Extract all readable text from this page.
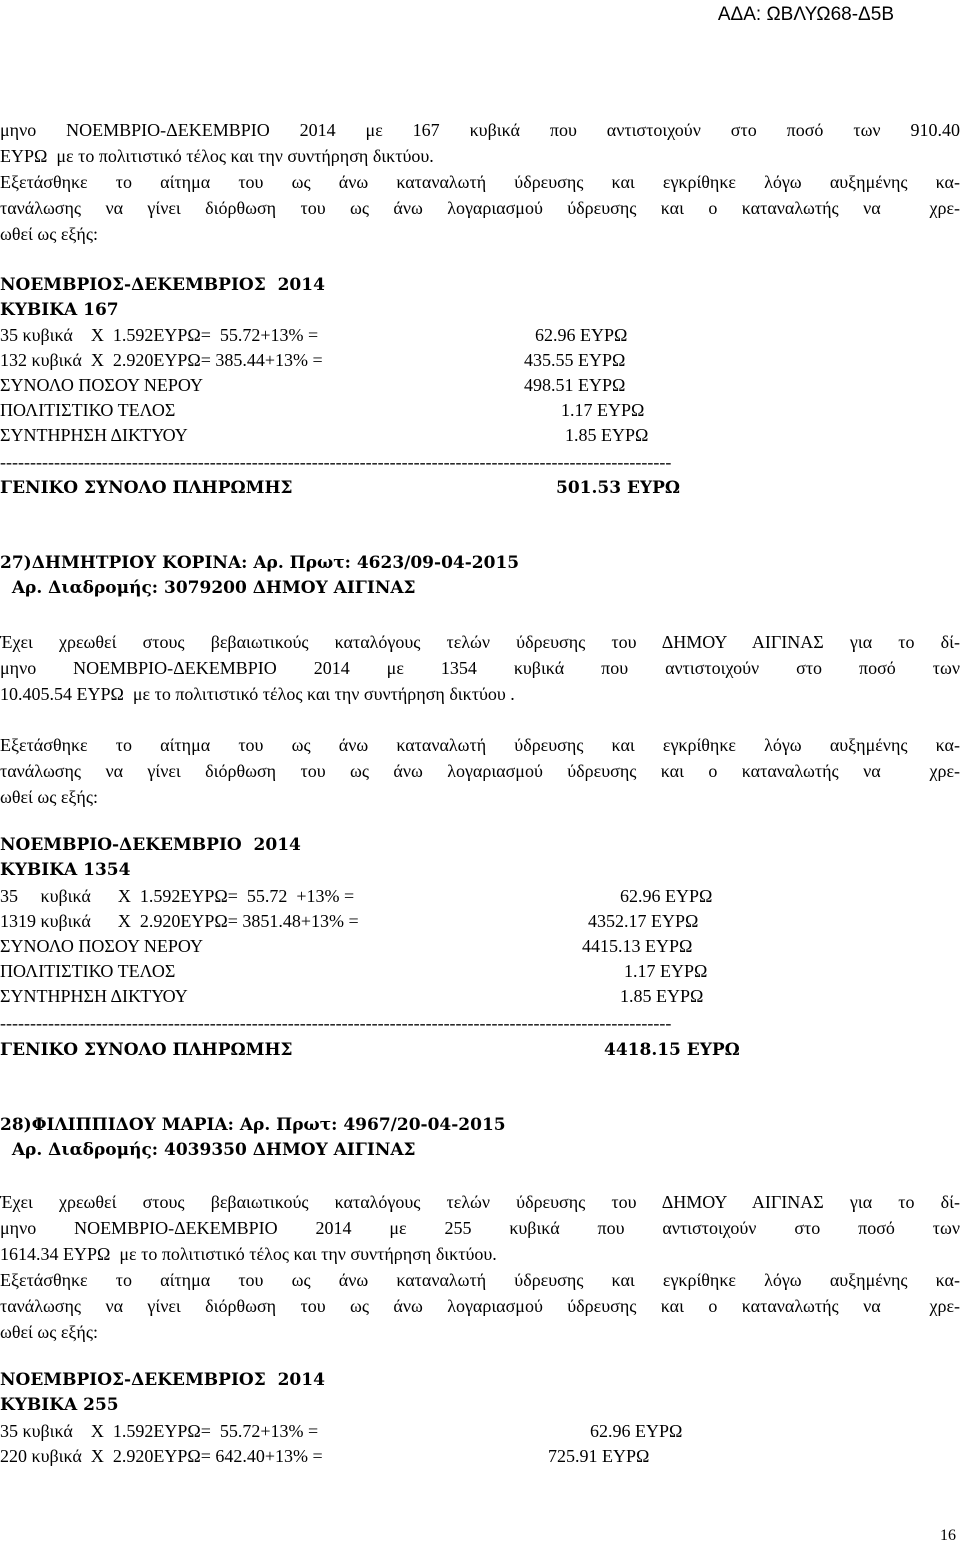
ΑΔΑ: ΩΒΛΥΩ68-Δ5Β
μηνο ΝΟΕΜΒΡΙΟ-ΔΕΚΕΜΒΡΙΟ 2014 με 167 κυβικά που αντιστοιχούν στο ποσό των 910.40
ΕΥΡΩ  με το πολιτιστικό τέλος και την συντήρηση δικτύου.
Εξετάσθηκε το αίτημα του ως άνω καταναλωτή ύδρευσης και εγκρίθηκε λόγω αυξημένης κα-
τανάλωσης να γίνει διόρθωση του ως άνω λογαριασμού ύδρευσης και ο καταναλωτής να  χρε-
ωθεί ως εξής:
ΝΟΕΜΒΡΙΟΣ-ΔΕΚΕΜΒΡΙΟΣ  2014
ΚΥΒΙΚΑ 167
35 κυβικά    Χ  1.592ΕΥΡΩ=  55.72+13% =	62.96 ΕΥΡΩ
132 κυβικά  Χ  2.920ΕΥΡΩ= 385.44+13% =	435.55 ΕΥΡΩ
ΣΥΝΟΛΟ ΠΟΣΟΥ ΝΕΡΟΥ	498.51 ΕΥΡΩ
ΠΟΛΙΤΙΣΤΙΚΟ ΤΕΛΟΣ	1.17 ΕΥΡΩ
ΣΥΝΤΗΡΗΣΗ ΔΙΚΤΥΟΥ	1.85 ΕΥΡΩ
----------------------------------------------------------------------------------------------------------------
ΓΕΝΙΚΟ ΣΥΝΟΛΟ ΠΛΗΡΩΜΗΣ	501.53 ΕΥΡΩ
27)ΔΗΜΗΤΡΙΟΥ ΚΟΡΙΝΑ: Αρ. Πρωτ: 4623/09-04-2015
Αρ. Διαδρομής: 3079200 ΔΗΜΟΥ ΑΙΓΙΝΑΣ
Έχει χρεωθεί στους βεβαιωτικούς καταλόγους τελών ύδρευσης του ΔΗΜΟΥ ΑΙΓΙΝΑΣ για το δί-
μηνο ΝΟΕΜΒΡΙΟ-ΔΕΚΕΜΒΡΙΟ 2014 με 1354 κυβικά που αντιστοιχούν στο ποσό των
10.405.54 ΕΥΡΩ  με το πολιτιστικό τέλος και την συντήρηση δικτύου .
Εξετάσθηκε το αίτημα του ως άνω καταναλωτή ύδρευσης και εγκρίθηκε λόγω αυξημένης κα-
τανάλωσης να γίνει διόρθωση του ως άνω λογαριασμού ύδρευσης και ο καταναλωτής να  χρε-
ωθεί ως εξής:
ΝΟΕΜΒΡΙΟ-ΔΕΚΕΜΒΡΙΟ  2014
ΚΥΒΙΚΑ 1354
35     κυβικά      Χ  1.592ΕΥΡΩ=  55.72  +13% =	62.96 ΕΥΡΩ
1319 κυβικά      Χ  2.920ΕΥΡΩ= 3851.48+13% =	4352.17 ΕΥΡΩ
ΣΥΝΟΛΟ ΠΟΣΟΥ ΝΕΡΟΥ	4415.13 ΕΥΡΩ
ΠΟΛΙΤΙΣΤΙΚΟ ΤΕΛΟΣ	1.17 ΕΥΡΩ
ΣΥΝΤΗΡΗΣΗ ΔΙΚΤΥΟΥ	1.85 ΕΥΡΩ
----------------------------------------------------------------------------------------------------------------
ΓΕΝΙΚΟ ΣΥΝΟΛΟ ΠΛΗΡΩΜΗΣ	4418.15 ΕΥΡΩ
28)ΦΙΛΙΠΠΙΔΟΥ ΜΑΡΙΑ: Αρ. Πρωτ: 4967/20-04-2015
Αρ. Διαδρομής: 4039350 ΔΗΜΟΥ ΑΙΓΙΝΑΣ
Έχει χρεωθεί στους βεβαιωτικούς καταλόγους τελών ύδρευσης του ΔΗΜΟΥ ΑΙΓΙΝΑΣ για το δί-
μηνο ΝΟΕΜΒΡΙΟ-ΔΕΚΕΜΒΡΙΟ 2014 με 255 κυβικά που αντιστοιχούν στο ποσό των
1614.34 ΕΥΡΩ  με το πολιτιστικό τέλος και την συντήρηση δικτύου.
Εξετάσθηκε το αίτημα του ως άνω καταναλωτή ύδρευσης και εγκρίθηκε λόγω αυξημένης κα-
τανάλωσης να γίνει διόρθωση του ως άνω λογαριασμού ύδρευσης και ο καταναλωτής να  χρε-
ωθεί ως εξής:
ΝΟΕΜΒΡΙΟΣ-ΔΕΚΕΜΒΡΙΟΣ  2014
ΚΥΒΙΚΑ 255
35 κυβικά    Χ  1.592ΕΥΡΩ=  55.72+13% =	62.96 ΕΥΡΩ
220 κυβικά  Χ  2.920ΕΥΡΩ= 642.40+13% =	725.91 ΕΥΡΩ
16
